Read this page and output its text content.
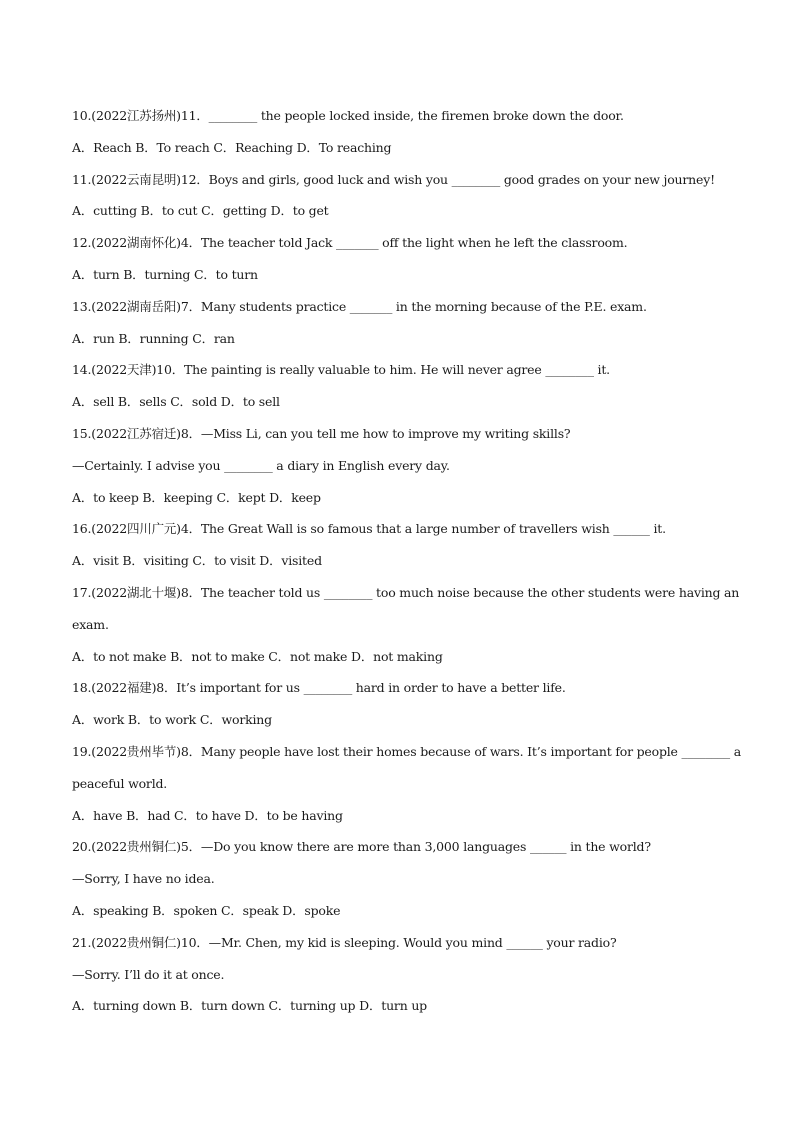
10.(2022江苏扬州)11．________ the people locked inside, the firemen broke down the door.
A．Reach B．To reach C．Reaching D．To reaching
11.(2022云南昆明)12．Boys and girls, good luck and wish you ________ good grades on your new journey!
A．cutting B．to cut C．getting D．to get
12.(2022湖南怀化)4．The teacher told Jack _______ off the light when he left the classroom.
A．turn B．turning C．to turn
13.(2022湖南岳阳)7．Many students practice _______ in the morning because of the P.E. exam.
A．run B．running C．ran
14.(2022天津)10．The painting is really valuable to him. He will never agree ________ it.
A．sell B．sells C．sold D．to sell
15.(2022江苏宿迁)8．—Miss Li, can you tell me how to improve my writing skills?
—Certainly. I advise you ________ a diary in English every day.
A．to keep B．keeping C．kept D．keep
16.(2022四川广元)4．The Great Wall is so famous that a large number of travellers wish ______ it.
A．visit B．visiting C．to visit D．visited
17.(2022湖北十堰)8．The teacher told us ________ too much noise because the other students were having an
exam.
A．to not make B．not to make C．not make D．not making
18.(2022福建)8．It’s important for us ________ hard in order to have a better life.
A．work B．to work C．working
19.(2022贵州毕节)8．Many people have lost their homes because of wars. It’s important for people ________ a
peaceful world.
A．have B．had C．to have D．to be having
20.(2022贵州铜仁)5．—Do you know there are more than 3,000 languages ______ in the world?
—Sorry, I have no idea.
A．speaking B．spoken C．speak D．spoke
21.(2022贵州铜仁)10．—Mr. Chen, my kid is sleeping. Would you mind ______ your radio?
—Sorry. I’ll do it at once.
A．turning down B．turn down C．turning up D．turn up
